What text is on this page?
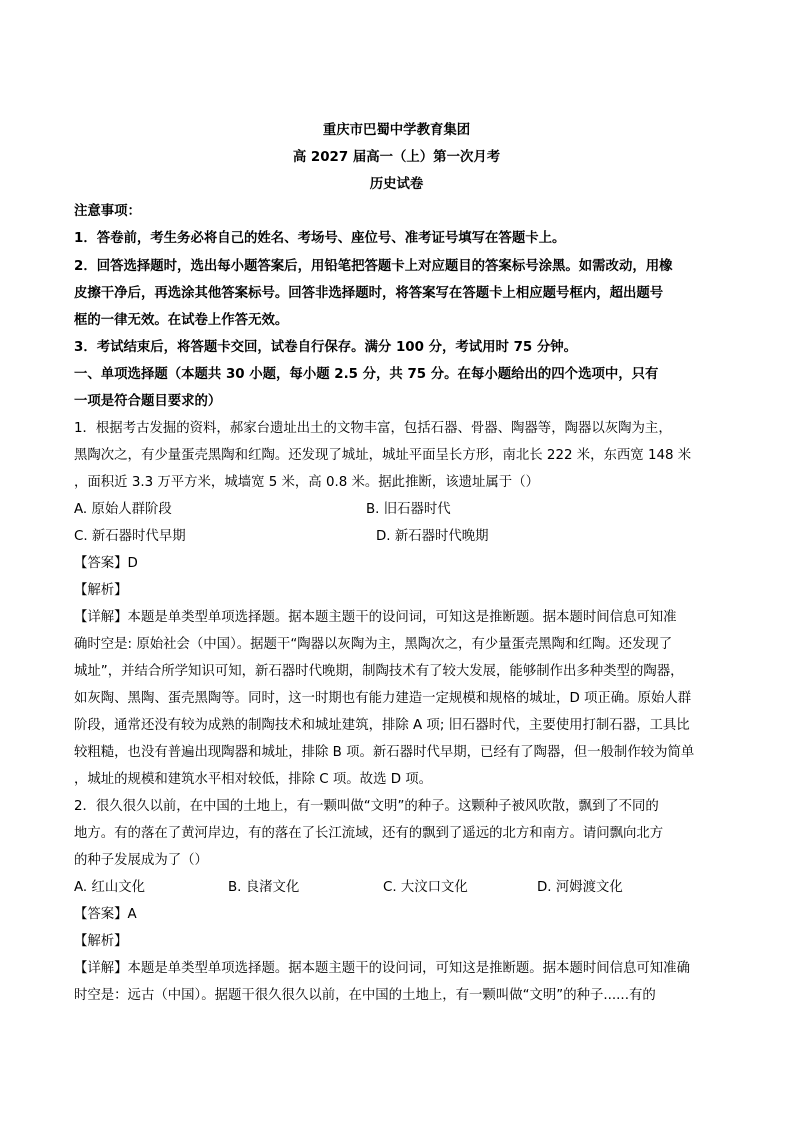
重庆市巴蜀中学教育集团
高 2027 届高一（上）第一次月考
历史试卷
注意事项：
1．答卷前，考生务必将自己的姓名、考场号、座位号、准考证号填写在答题卡上。
2．回答选择题时，选出每小题答案后，用铅笔把答题卡上对应题目的答案标号涂黑。如需改动，用橡
皮擦干净后，再选涂其他答案标号。回答非选择题时，将答案写在答题卡上相应题号框内，超出题号
框的一律无效。在试卷上作答无效。
3．考试结束后，将答题卡交回，试卷自行保存。满分 100 分，考试用时 75 分钟。
一、单项选择题（本题共 30 小题，每小题 2.5 分，共 75 分。在每小题给出的四个选项中，只有
一项是符合题目要求的）
1．根据考古发掘的资料，郝家台遗址出土的文物丰富，包括石器、骨器、陶器等，陶器以灰陶为主，
黑陶次之，有少量蛋壳黑陶和红陶。还发现了城址，城址平面呈长方形，南北长 222 米，东西宽 148 米
，面积近 3.3 万平方米，城墙宽 5 米，高 0.8 米。据此推断，该遗址属于（）
A. 原始人群阶段	B. 旧石器时代
C. 新石器时代早期	D. 新石器时代晚期
【答案】D
【解析】
【详解】本题是单类型单项选择题。据本题主题干的设问词，可知这是推断题。据本题时间信息可知准
确时空是: 原始社会（中国）。据题干“陶器以灰陶为主，黑陶次之，有少量蛋壳黑陶和红陶。还发现了
城址”，并结合所学知识可知，新石器时代晚期，制陶技术有了较大发展，能够制作出多种类型的陶器，
如灰陶、黑陶、蛋壳黑陶等。同时，这一时期也有能力建造一定规模和规格的城址，D 项正确。原始人群
阶段，通常还没有较为成熟的制陶技术和城址建筑，排除 A 项; 旧石器时代，主要使用打制石器，工具比
较粗糙，也没有普遍出现陶器和城址，排除 B 项。新石器时代早期，已经有了陶器，但一般制作较为简单
，城址的规模和建筑水平相对较低，排除 C 项。故选 D 项。
2．很久很久以前，在中国的土地上，有一颗叫做“文明”的种子。这颗种子被风吹散，飘到了不同的
地方。有的落在了黄河岸边，有的落在了长江流域，还有的飘到了遥远的北方和南方。请问飘向北方
的种子发展成为了（）
A. 红山文化	B. 良渚文化	C. 大汶口文化	D. 河姆渡文化
【答案】A
【解析】
【详解】本题是单类型单项选择题。据本题主题干的设问词，可知这是推断题。据本题时间信息可知准确
时空是：远古（中国）。据题干很久很久以前，在中国的土地上，有一颗叫做“文明”的种子......有的
